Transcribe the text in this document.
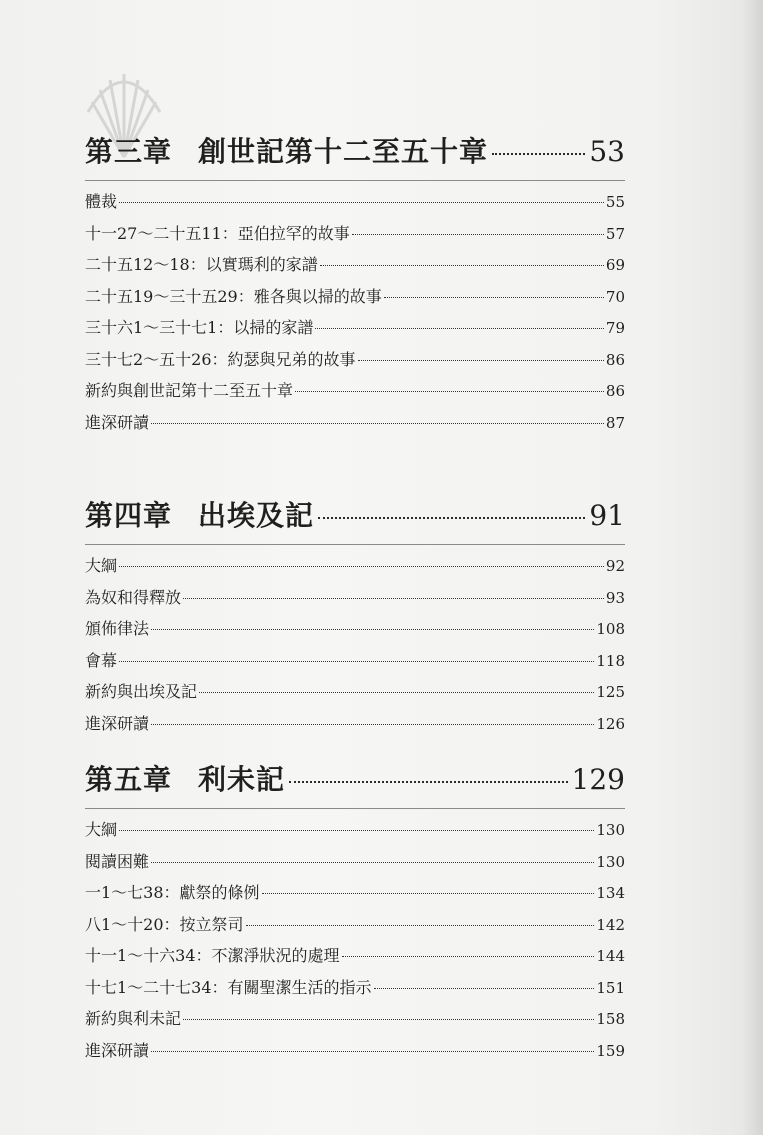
第三章 創世記第十二至五十章	53
體裁	55
十一27～二十五11：亞伯拉罕的故事	57
二十五12～18：以實瑪利的家譜	69
二十五19～三十五29：雅各與以掃的故事	70
三十六1～三十七1：以掃的家譜	79
三十七2～五十26：約瑟與兄弟的故事	86
新約與創世記第十二至五十章	86
進深研讀	87
第四章 出埃及記	91
大綱	92
為奴和得釋放	93
頒佈律法	108
會幕	118
新約與出埃及記	125
進深研讀	126
第五章 利未記	129
大綱	130
閱讀困難	130
一1～七38：獻祭的條例	134
八1～十20：按立祭司	142
十一1～十六34：不潔淨狀況的處理	144
十七1～二十七34：有關聖潔生活的指示	151
新約與利未記	158
進深研讀	159
